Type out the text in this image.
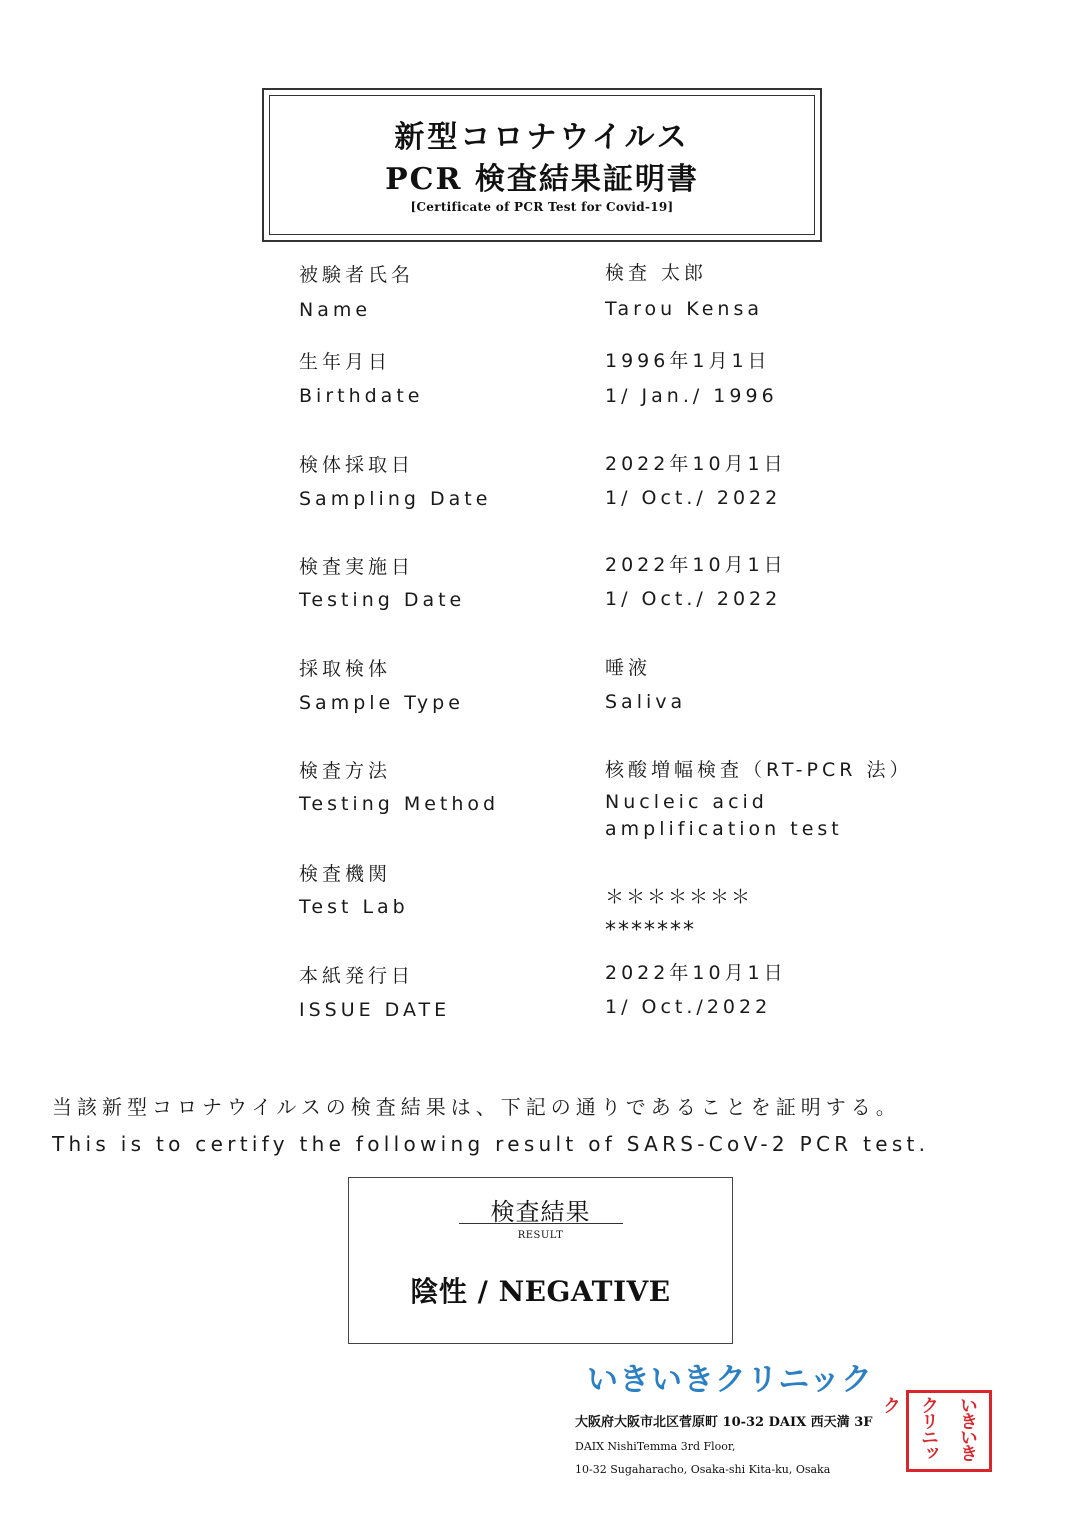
新型コロナウイルス
PCR 検査結果証明書
[Certificate of PCR Test for Covid-19]
被験者氏名
Name
検査 太郎
Tarou Kensa
生年月日
Birthdate
1996年1月1日
1/ Jan./ 1996
検体採取日
Sampling Date
2022年10月1日
1/ Oct./ 2022
検査実施日
Testing Date
2022年10月1日
1/ Oct./ 2022
採取検体
Sample Type
唾液
Saliva
検査方法
Testing Method
核酸増幅検査（RT-PCR 法）
Nucleic acid amplification test
検査機関
Test Lab	＊＊＊＊＊＊＊
*******
本紙発行日
ISSUE DATE
2022年10月1日
1/ Oct./2022
当該新型コロナウイルスの検査結果は、下記の通りであることを証明する。
This is to certify the following result of SARS-CoV-2 PCR test.
検査結果
RESULT
陰性 / NEGATIVE
いきいきクリニック
大阪府大阪市北区菅原町 10-32 DAIX 西天満 3F
DAIX NishiTemma 3rd Floor,
10-32 Sugaharacho, Osaka-shi Kita-ku, Osaka
いきいき
クリニック
